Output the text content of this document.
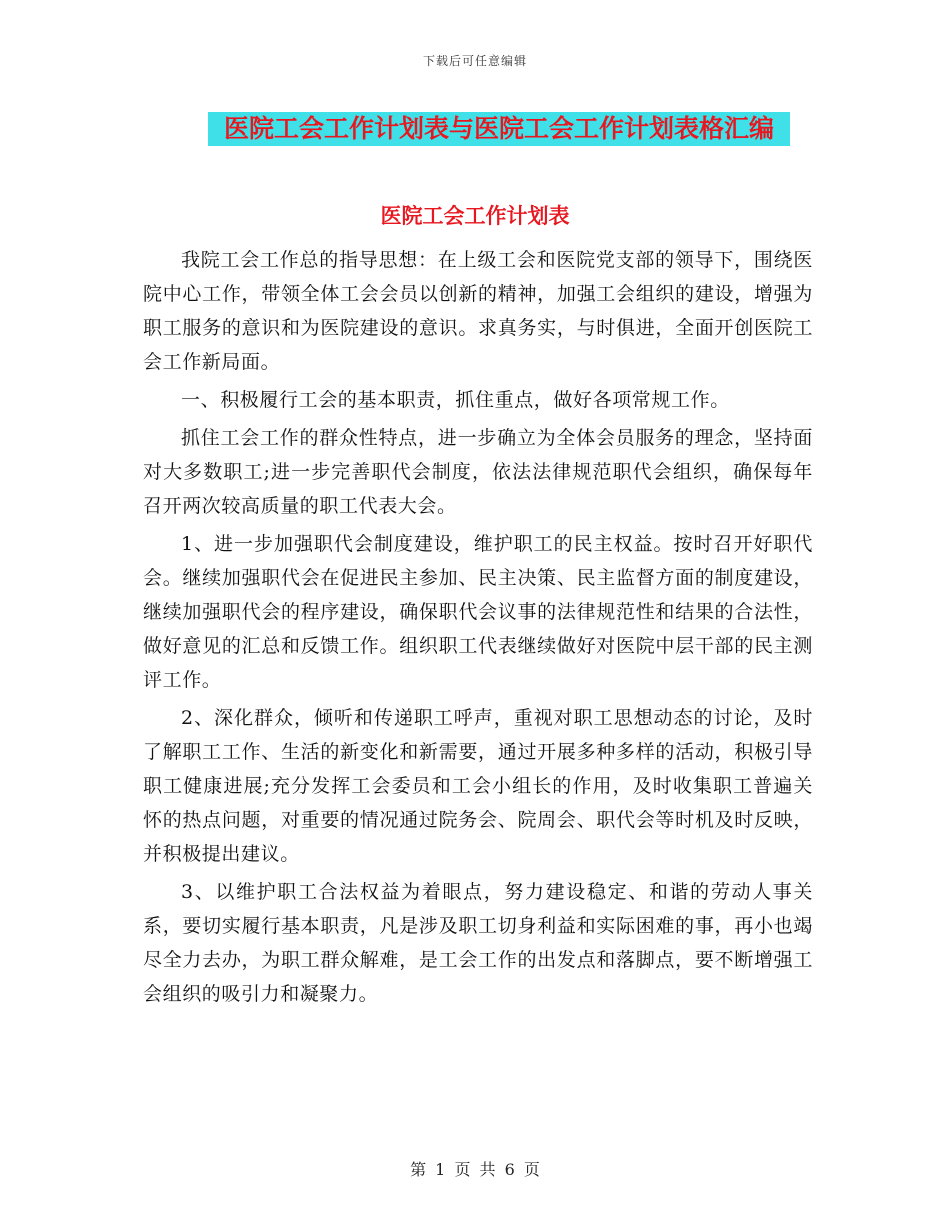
下载后可任意编辑
医院工会工作计划表与医院工会工作计划表格汇编
医院工会工作计划表

我院工会工作总的指导思想：在上级工会和医院党支部的领导下，围绕医院中心工作，带领全体工会会员以创新的精神，加强工会组织的建设，增强为职工服务的意识和为医院建设的意识。求真务实，与时俱进，全面开创医院工会工作新局面。

一、积极履行工会的基本职责，抓住重点，做好各项常规工作。

抓住工会工作的群众性特点，进一步确立为全体会员服务的理念，坚持面对大多数职工;进一步完善职代会制度，依法法律规范职代会组织，确保每年召开两次较高质量的职工代表大会。

1、进一步加强职代会制度建设，维护职工的民主权益。按时召开好职代会。继续加强职代会在促进民主参加、民主决策、民主监督方面的制度建设，继续加强职代会的程序建设，确保职代会议事的法律规范性和结果的合法性，做好意见的汇总和反馈工作。组织职工代表继续做好对医院中层干部的民主测评工作。

2、深化群众，倾听和传递职工呼声，重视对职工思想动态的讨论，及时了解职工工作、生活的新变化和新需要，通过开展多种多样的活动，积极引导职工健康进展;充分发挥工会委员和工会小组长的作用，及时收集职工普遍关怀的热点问题，对重要的情况通过院务会、院周会、职代会等时机及时反映，并积极提出建议。

3、以维护职工合法权益为着眼点，努力建设稳定、和谐的劳动人事关系，要切实履行基本职责，凡是涉及职工切身利益和实际困难的事，再小也竭尽全力去办，为职工群众解难，是工会工作的出发点和落脚点，要不断增强工会组织的吸引力和凝聚力。

第 1 页 共 6 页
